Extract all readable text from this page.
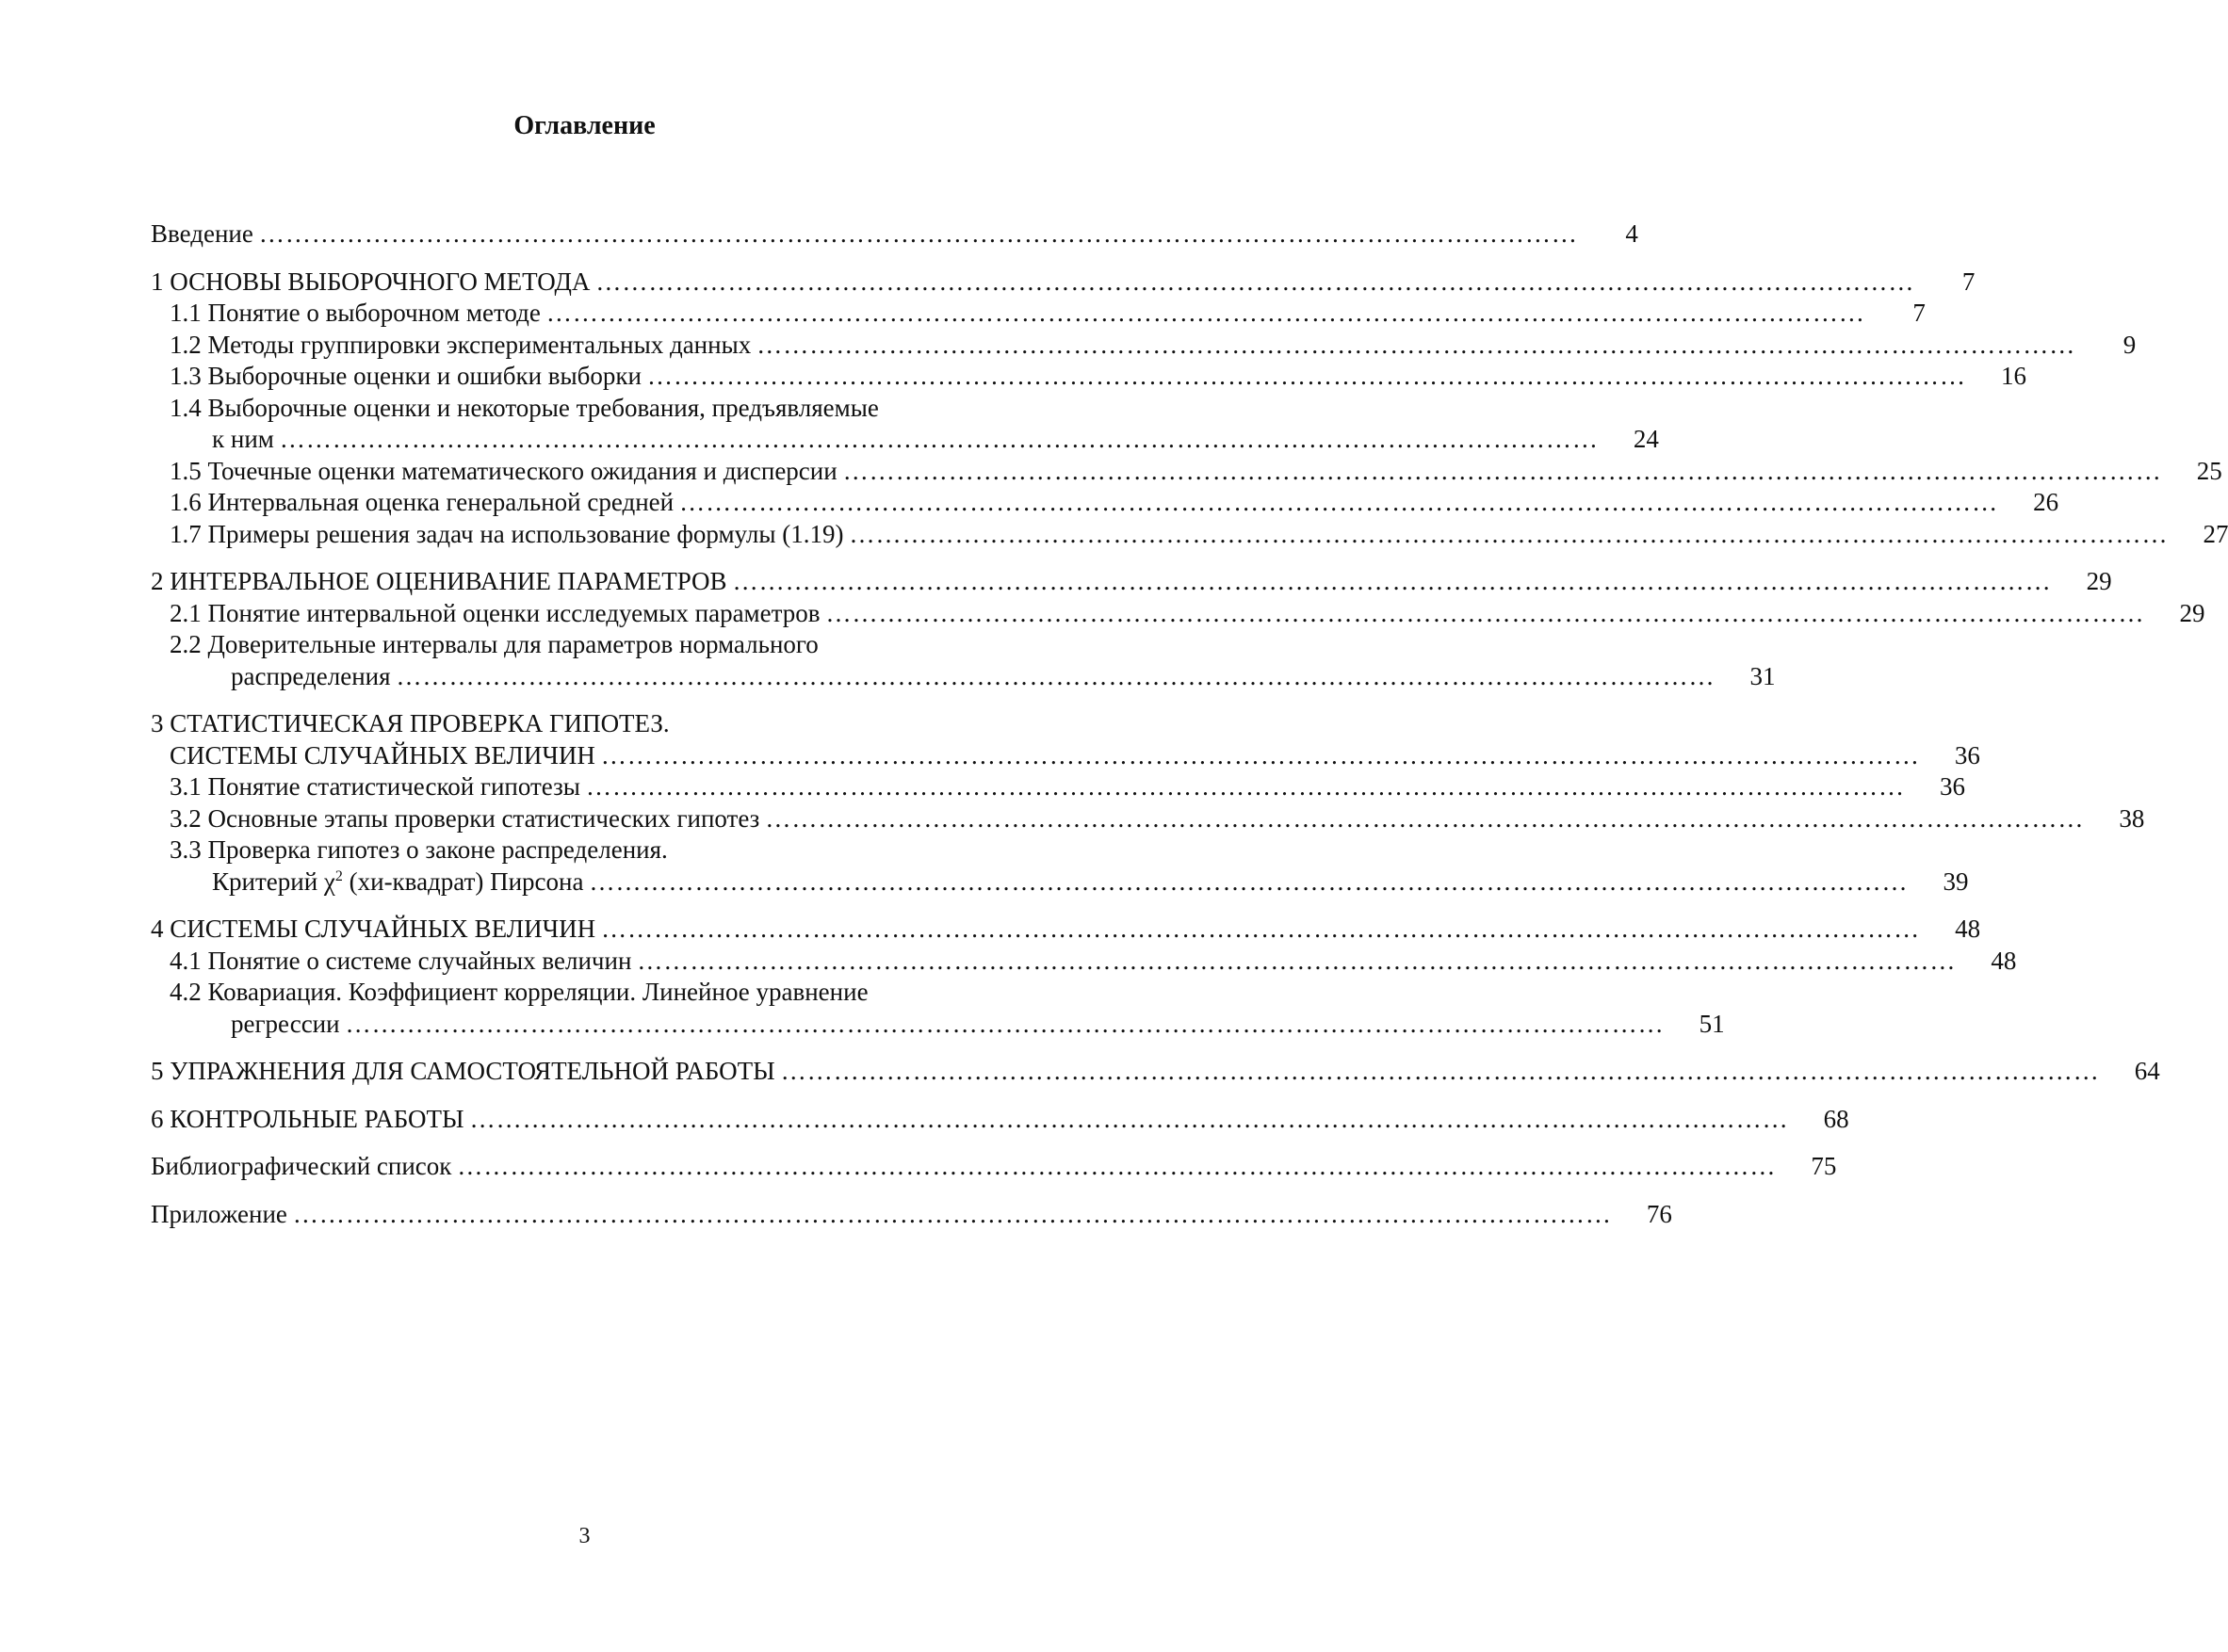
Оглавление
Введение ……………………………………………………………………………………………………………………………………	4
1 ОСНОВЫ ВЫБОРОЧНОГО МЕТОДА ……………………………………………………………………………………………………………………………………	7
1.1 Понятие о выборочном методе ……………………………………………………………………………………………………………………………………	7
1.2 Методы группировки экспериментальных данных ……………………………………………………………………………………………………………………………………	9
1.3 Выборочные оценки и ошибки выборки ……………………………………………………………………………………………………………………………………	16
1.4 Выборочные оценки и некоторые требования, предъявляемые
к ним ……………………………………………………………………………………………………………………………………	24
1.5 Точечные оценки математического ожидания и дисперсии ……………………………………………………………………………………………………………………………………	25
1.6 Интервальная оценка генеральной средней ……………………………………………………………………………………………………………………………………	26
1.7 Примеры решения задач на использование формулы (1.19) ……………………………………………………………………………………………………………………………………	27
2 ИНТЕРВАЛЬНОЕ ОЦЕНИВАНИЕ ПАРАМЕТРОВ ……………………………………………………………………………………………………………………………………	29
2.1 Понятие интервальной оценки исследуемых параметров ……………………………………………………………………………………………………………………………………	29
2.2 Доверительные интервалы для параметров нормального
распределения ……………………………………………………………………………………………………………………………………	31
3 СТАТИСТИЧЕСКАЯ ПРОВЕРКА ГИПОТЕЗ.
СИСТЕМЫ СЛУЧАЙНЫХ ВЕЛИЧИН ……………………………………………………………………………………………………………………………………	36
3.1 Понятие статистической гипотезы ……………………………………………………………………………………………………………………………………	36
3.2 Основные этапы проверки статистических гипотез ……………………………………………………………………………………………………………………………………	38
3.3 Проверка гипотез о законе распределения.
Критерий $\chi^2$ (хи-квадрат) Пирсона ……………………………………………………………………………………………………………………………………	39
4 СИСТЕМЫ СЛУЧАЙНЫХ ВЕЛИЧИН ……………………………………………………………………………………………………………………………………	48
4.1 Понятие о системе случайных величин ……………………………………………………………………………………………………………………………………	48
4.2 Ковариация. Коэффициент корреляции. Линейное уравнение
регрессии ……………………………………………………………………………………………………………………………………	51
5 УПРАЖНЕНИЯ ДЛЯ САМОСТОЯТЕЛЬНОЙ РАБОТЫ ……………………………………………………………………………………………………………………………………	64
6 КОНТРОЛЬНЫЕ РАБОТЫ ……………………………………………………………………………………………………………………………………	68
Библиографический список ……………………………………………………………………………………………………………………………………	75
Приложение ……………………………………………………………………………………………………………………………………	76
3
